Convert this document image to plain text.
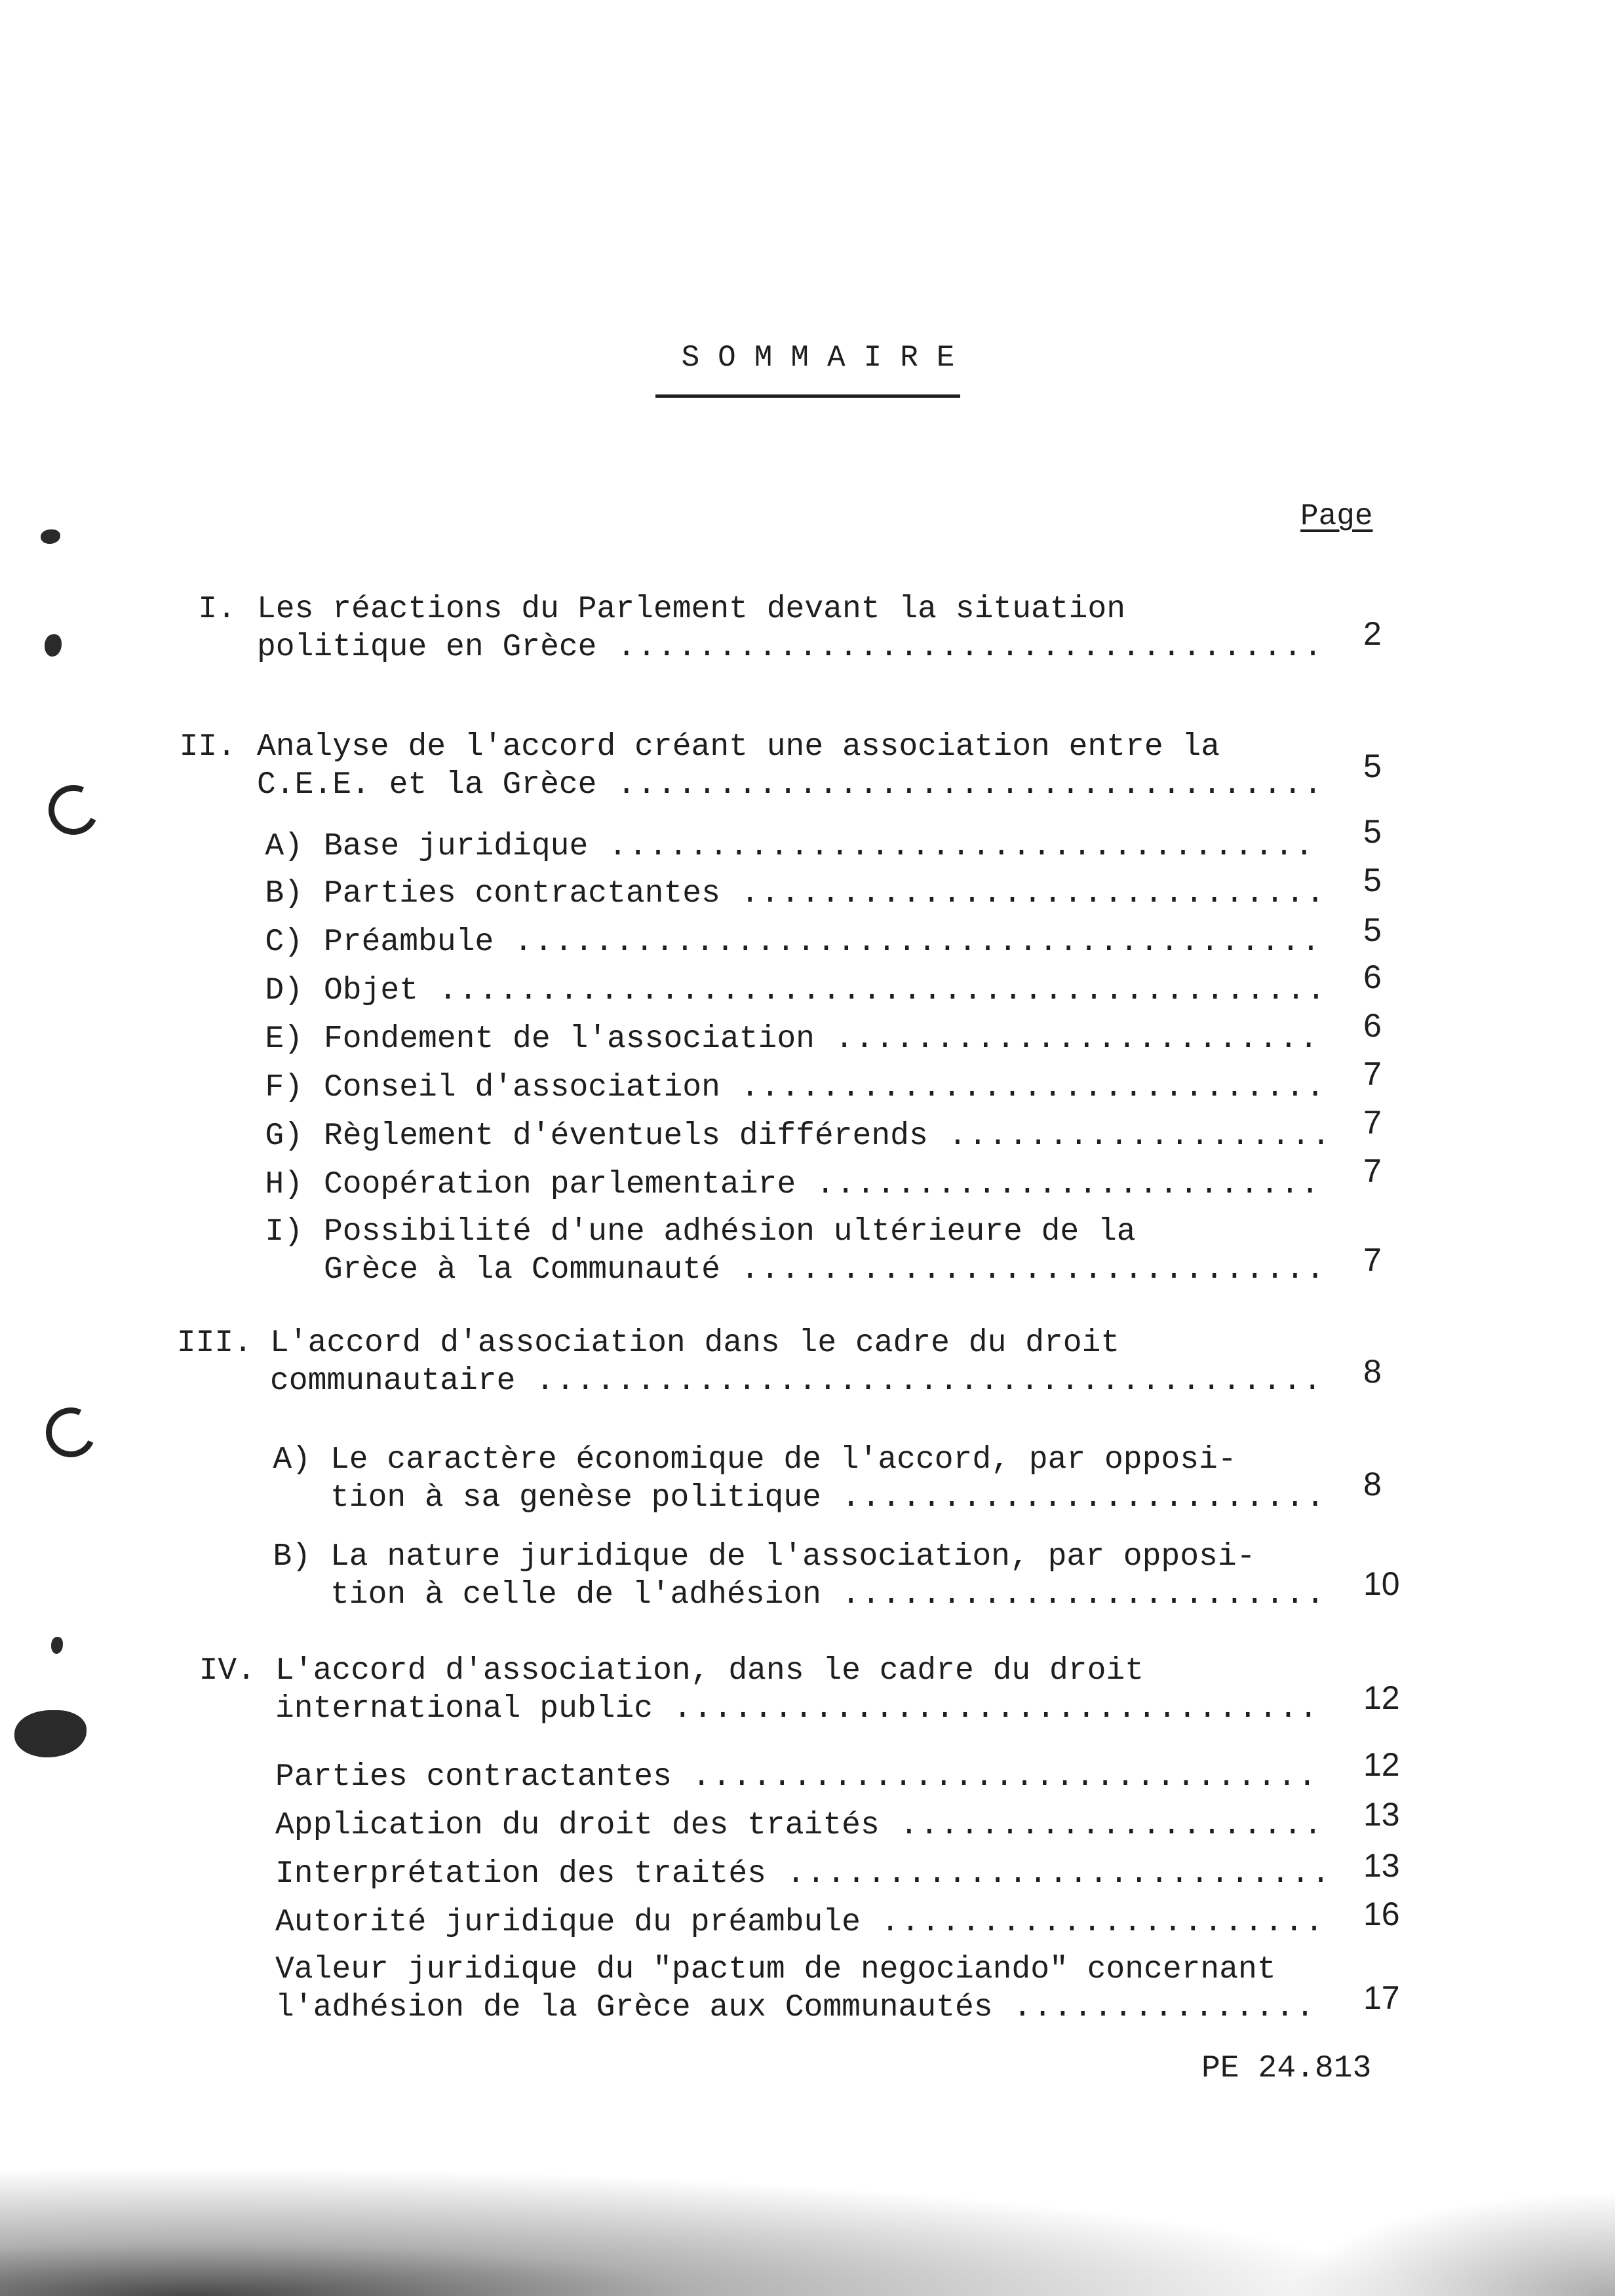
SOMMAIRE
Page
I. Les réactions du Parlement devant la situation
politique en Grèce ................................... 2
II. Analyse de l'accord créant une association entre la
C.E.E. et la Grèce ...................................
5
A) Base juridique ................................... 5
B) Parties contractantes ............................. 5
C) Préambule ........................................ 5
D) Objet ............................................ 6
E) Fondement de l'association ........................ 6
F) Conseil d'association ............................. 7
G) Règlement d'éventuels différends ................... 7
H) Coopération parlementaire ......................... 7
I) Possibilité d'une adhésion ultérieure de la
Grèce à la Communauté ............................. 7
III. L'accord d'association dans le cadre du droit
communautaire ....................................... 8
A) Le caractère économique de l'accord, par opposi-
tion à sa genèse politique ........................ 8
B) La nature juridique de l'association, par opposi-
tion à celle de l'adhésion ........................ 10
IV. L'accord d'association, dans le cadre du droit
international public ................................ 12
Parties contractantes ............................... 12
Application du droit des traités ..................... 13
Interprétation des traités ........................... 13
Autorité juridique du préambule ...................... 16
Valeur juridique du "pactum de negociando" concernant
l'adhésion de la Grèce aux Communautés ............... 17
PE 24.813
